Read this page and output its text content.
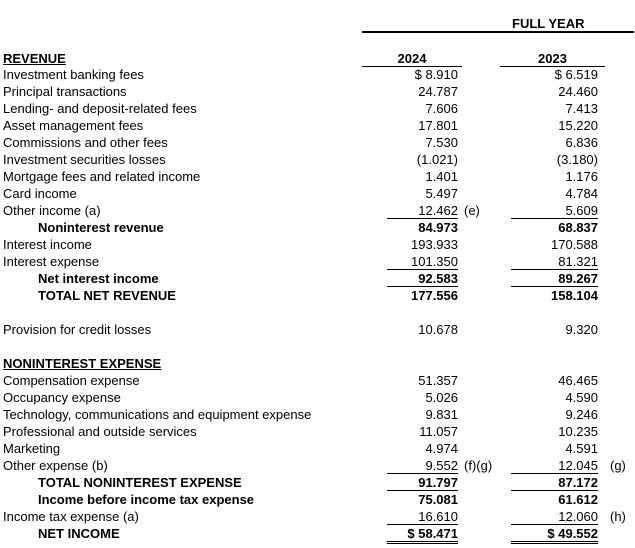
FULL YEAR
REVENUE	2024	2023
Investment banking fees	$ 8.910	$ 6.519
Principal transactions	24.787	24.460
Lending- and deposit-related fees	7.606	7.413
Asset management fees	17.801	15.220
Commissions and other fees	7.530	6.836
Investment securities losses	(1.021)	(3.180)
Mortgage fees and related income	1.401	1.176
Card income	5.497	4.784
Other income (a)	12.462 (e)	5.609
Noninterest revenue	84.973	68.837
Interest income	193.933	170.588
Interest expense	101.350	81.321
Net interest income	92.583	89.267
TOTAL NET REVENUE	177.556	158.104
Provision for credit losses	10.678	9.320
NONINTEREST EXPENSE
Compensation expense	51.357	46.465
Occupancy expense	5.026	4.590
Technology, communications and equipment expense	9.831	9.246
Professional and outside services	11.057	10.235
Marketing	4.974	4.591
Other expense (b)	9.552 (f)(g)	12.045 (g)
TOTAL NONINTEREST EXPENSE	91.797	87.172
Income before income tax expense	75.081	61.612
Income tax expense (a)	16.610	12.060 (h)
NET INCOME	$ 58.471	$ 49.552
